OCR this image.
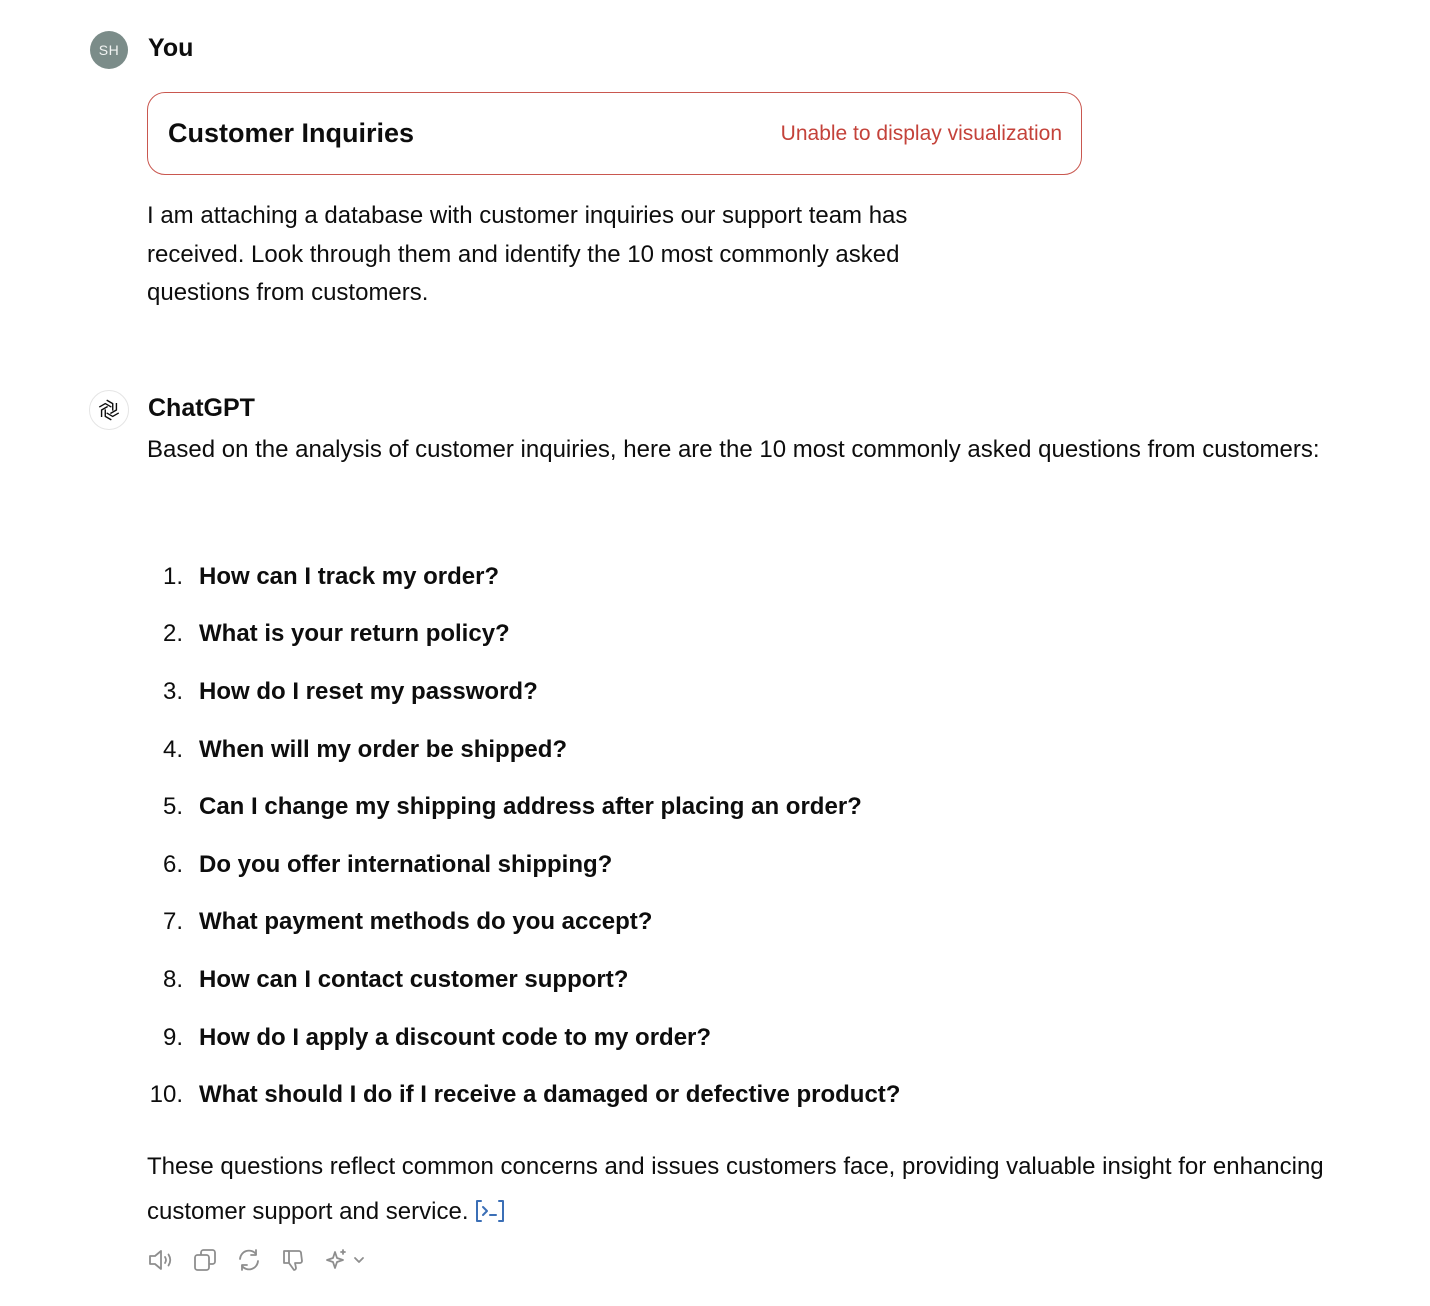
SH	You
Customer Inquiries	Unable to display visualization
I am attaching a database with customer inquiries our support team has received. Look through them and identify the 10 most commonly asked questions from customers.
ChatGPT
Based on the analysis of customer inquiries, here are the 10 most commonly asked questions from customers:
1. How can I track my order?
2. What is your return policy?
3. How do I reset my password?
4. When will my order be shipped?
5. Can I change my shipping address after placing an order?
6. Do you offer international shipping?
7. What payment methods do you accept?
8. How can I contact customer support?
9. How do I apply a discount code to my order?
10. What should I do if I receive a damaged or defective product?
These questions reflect common concerns and issues customers face, providing valuable insight for enhancing customer support and service.
